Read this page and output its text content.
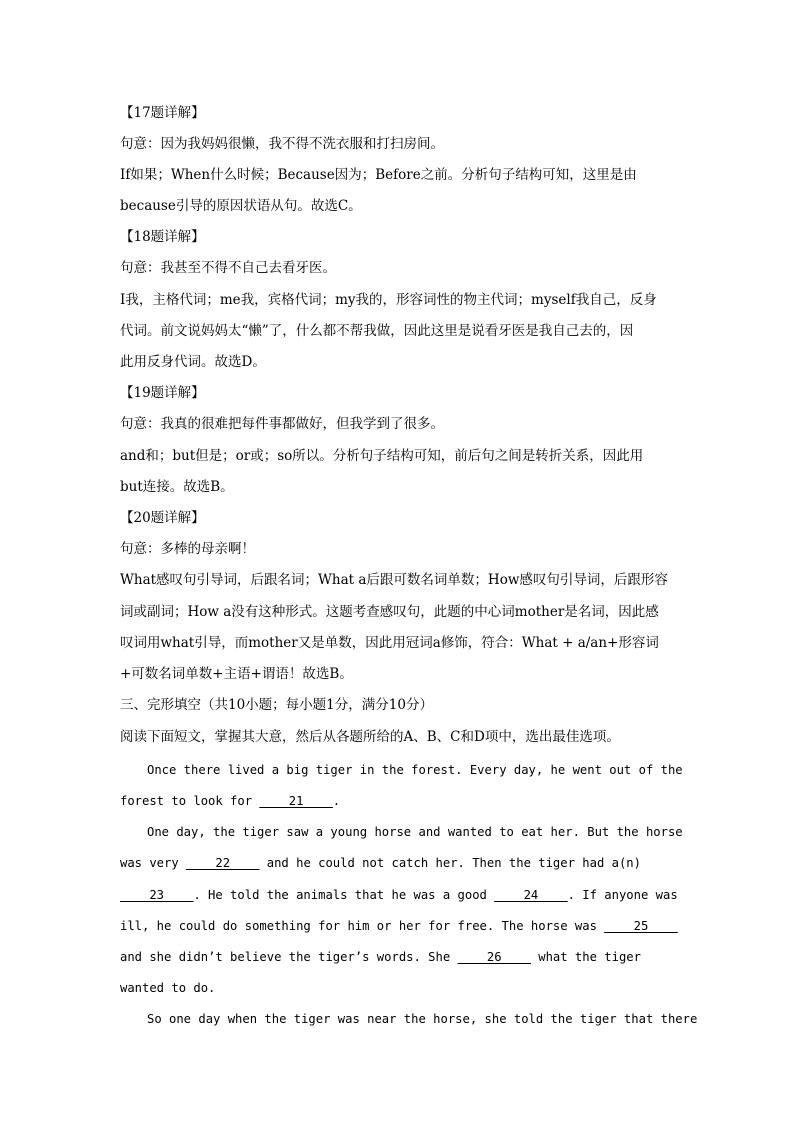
【17题详解】
句意：因为我妈妈很懒，我不得不洗衣服和打扫房间。
If如果；When什么时候；Because因为；Before之前。分析句子结构可知，这里是由
because引导的原因状语从句。故选C。
【18题详解】
句意：我甚至不得不自己去看牙医。
I我，主格代词；me我，宾格代词；my我的，形容词性的物主代词；myself我自己，反身
代词。前文说妈妈太“懒”了，什么都不帮我做，因此这里是说看牙医是我自己去的，因
此用反身代词。故选D。
【19题详解】
句意：我真的很难把每件事都做好，但我学到了很多。
and和；but但是；or或；so所以。分析句子结构可知，前后句之间是转折关系，因此用
but连接。故选B。
【20题详解】
句意：多棒的母亲啊！
What感叹句引导词，后跟名词；What a后跟可数名词单数；How感叹句引导词，后跟形容
词或副词；How a没有这种形式。这题考查感叹句，此题的中心词mother是名词，因此感
叹词用what引导，而mother又是单数，因此用冠词a修饰，符合：What + a/an+形容词
+可数名词单数+主语+谓语！故选B。
三、完形填空（共10小题；每小题1分，满分10分）
阅读下面短文，掌握其大意，然后从各题所给的A、B、C和D项中，选出最佳选项。
Once there lived a big tiger in the forest. Every day, he went out of the
forest to look for ____21____.
One day, the tiger saw a young horse and wanted to eat her. But the horse
was very ____22____ and he could not catch her. Then the tiger had a(n)
____23____. He told the animals that he was a good ____24____. If anyone was
ill, he could do something for him or her for free. The horse was ____25____
and she didn’t believe the tiger’s words. She ____26____ what the tiger
wanted to do.
So one day when the tiger was near the horse, she told the tiger that there
